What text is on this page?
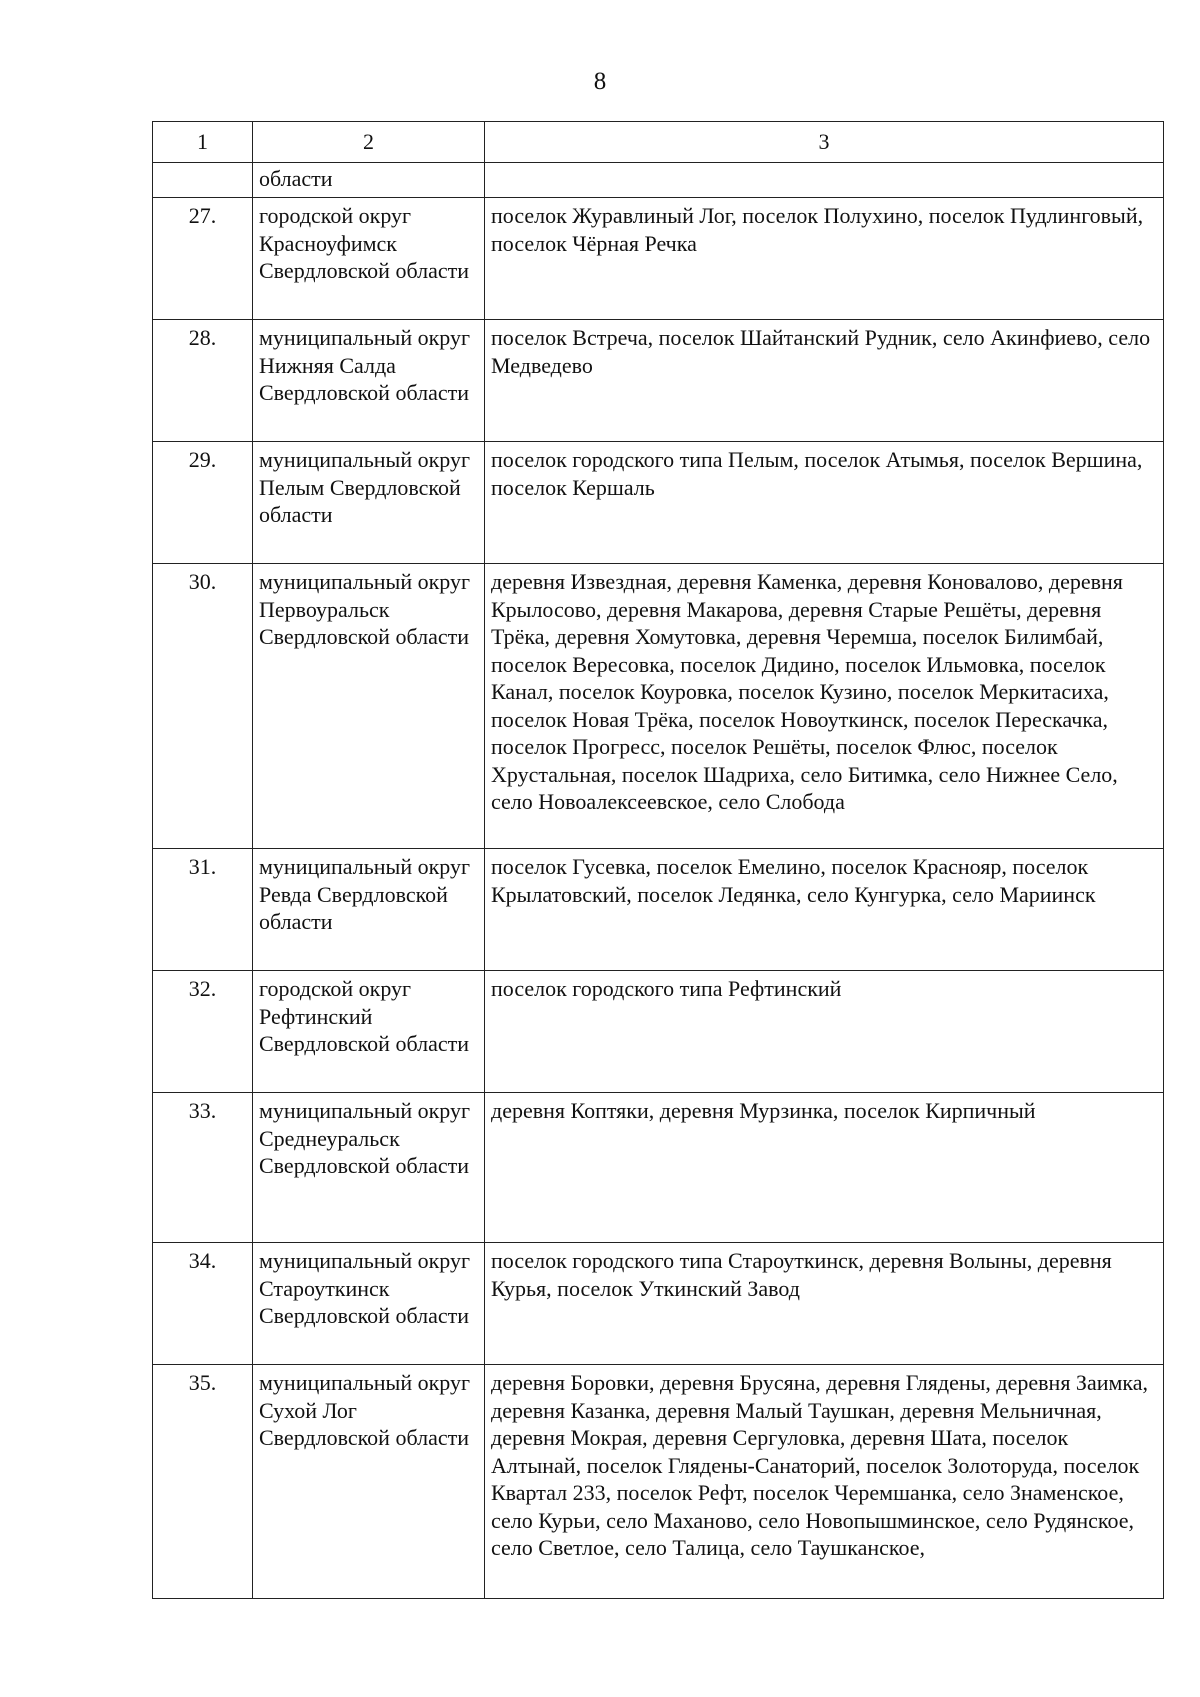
8
1	2	3
	области	
27.	городской округ Красноуфимск Свердловской области	поселок Журавлиный Лог, поселок Полухино, поселок Пудлинговый, поселок Чёрная Речка
28.	муниципальный округ Нижняя Салда Свердловской области	поселок Встреча, поселок Шайтанский Рудник, село Акинфиево, село Медведево
29.	муниципальный округ Пелым Свердловской области	поселок городского типа Пелым, поселок Атымья, поселок Вершина, поселок Кершаль
30.	муниципальный округ Первоуральск Свердловской области	деревня Извездная, деревня Каменка, деревня Коновалово, деревня Крылосово, деревня Макарова, деревня Старые Решёты, деревня Трёка, деревня Хомутовка, деревня Черемша, поселок Билимбай, поселок Вересовка, поселок Дидино, поселок Ильмовка, поселок Канал, поселок Коуровка, поселок Кузино, поселок Меркитасиха, поселок Новая Трёка, поселок Новоуткинск, поселок Перескачка, поселок Прогресс, поселок Решёты, поселок Флюс, поселок Хрустальная, поселок Шадриха, село Битимка, село Нижнее Село, село Новоалексеевское, село Слобода
31.	муниципальный округ Ревда Свердловской области	поселок Гусевка, поселок Емелино, поселок Краснояр, поселок Крылатовский, поселок Ледянка, село Кунгурка, село Мариинск
32.	городской округ Рефтинский Свердловской области	поселок городского типа Рефтинский
33.	муниципальный округ Среднеуральск Свердловской области	деревня Коптяки, деревня Мурзинка, поселок Кирпичный
34.	муниципальный округ Староуткинск Свердловской области	поселок городского типа Староуткинск, деревня Волыны, деревня Курья, поселок Уткинский Завод
35.	муниципальный округ Сухой Лог Свердловской области	деревня Боровки, деревня Брусяна, деревня Глядены, деревня Заимка, деревня Казанка, деревня Малый Таушкан, деревня Мельничная, деревня Мокрая, деревня Сергуловка, деревня Шата, поселок Алтынай, поселок Глядены-Санаторий, поселок Золоторуда, поселок Квартал 233, поселок Рефт, поселок Черемшанка, село Знаменское, село Курьи, село Маханово, село Новопышминское, село Рудянское, село Светлое, село Талица, село Таушканское,
